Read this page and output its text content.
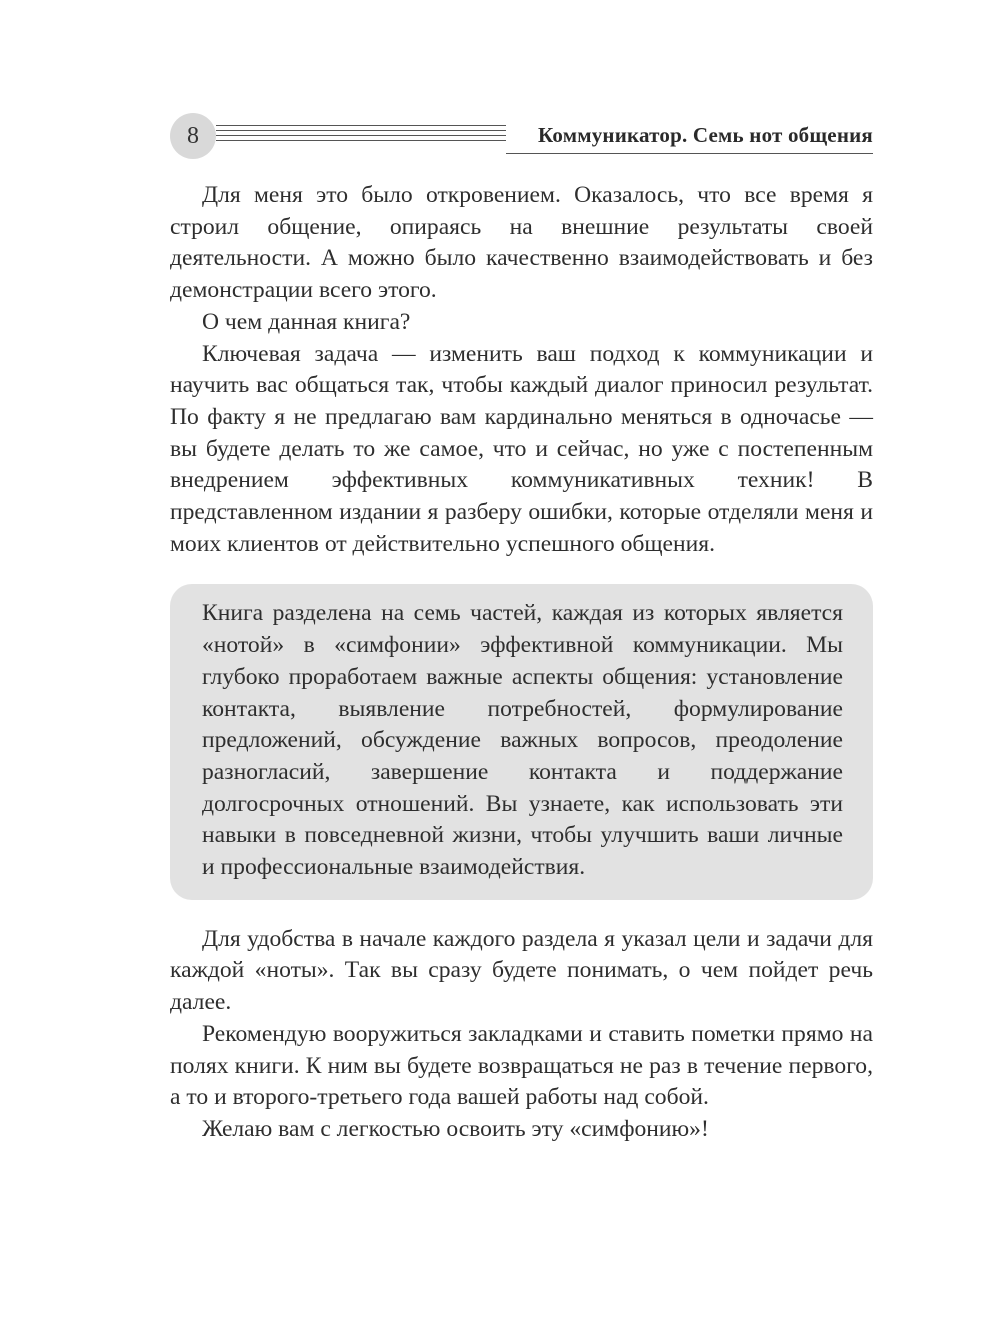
8	Коммуникатор. Семь нот общения

Для меня это было откровением. Оказалось, что все время я строил общение, опираясь на внешние результаты своей деятельности. А можно было качественно взаимодействовать и без демонстрации всего этого.

О чем данная книга?

Ключевая задача — изменить ваш подход к коммуникации и научить вас общаться так, чтобы каждый диалог приносил результат. По факту я не предлагаю вам кардинально меняться в одночасье — вы будете делать то же самое, что и сейчас, но уже с постепенным внедрением эффективных коммуникативных техник! В представленном издании я разберу ошибки, которые отделяли меня и моих клиентов от действительно успешного общения.

Книга разделена на семь частей, каждая из которых является «нотой» в «симфонии» эффективной коммуникации. Мы глубоко проработаем важные аспекты общения: установление контакта, выявление потребностей, формулирование предложений, обсуждение важных вопросов, преодоление разногласий, завершение контакта и поддержание долгосрочных отношений. Вы узнаете, как использовать эти навыки в повседневной жизни, чтобы улучшить ваши личные и профессиональные взаимодействия.

Для удобства в начале каждого раздела я указал цели и задачи для каждой «ноты». Так вы сразу будете понимать, о чем пойдет речь далее.

Рекомендую вооружиться закладками и ставить пометки прямо на полях книги. К ним вы будете возвращаться не раз в течение первого, а то и второго-третьего года вашей работы над собой.

Желаю вам с легкостью освоить эту «симфонию»!
